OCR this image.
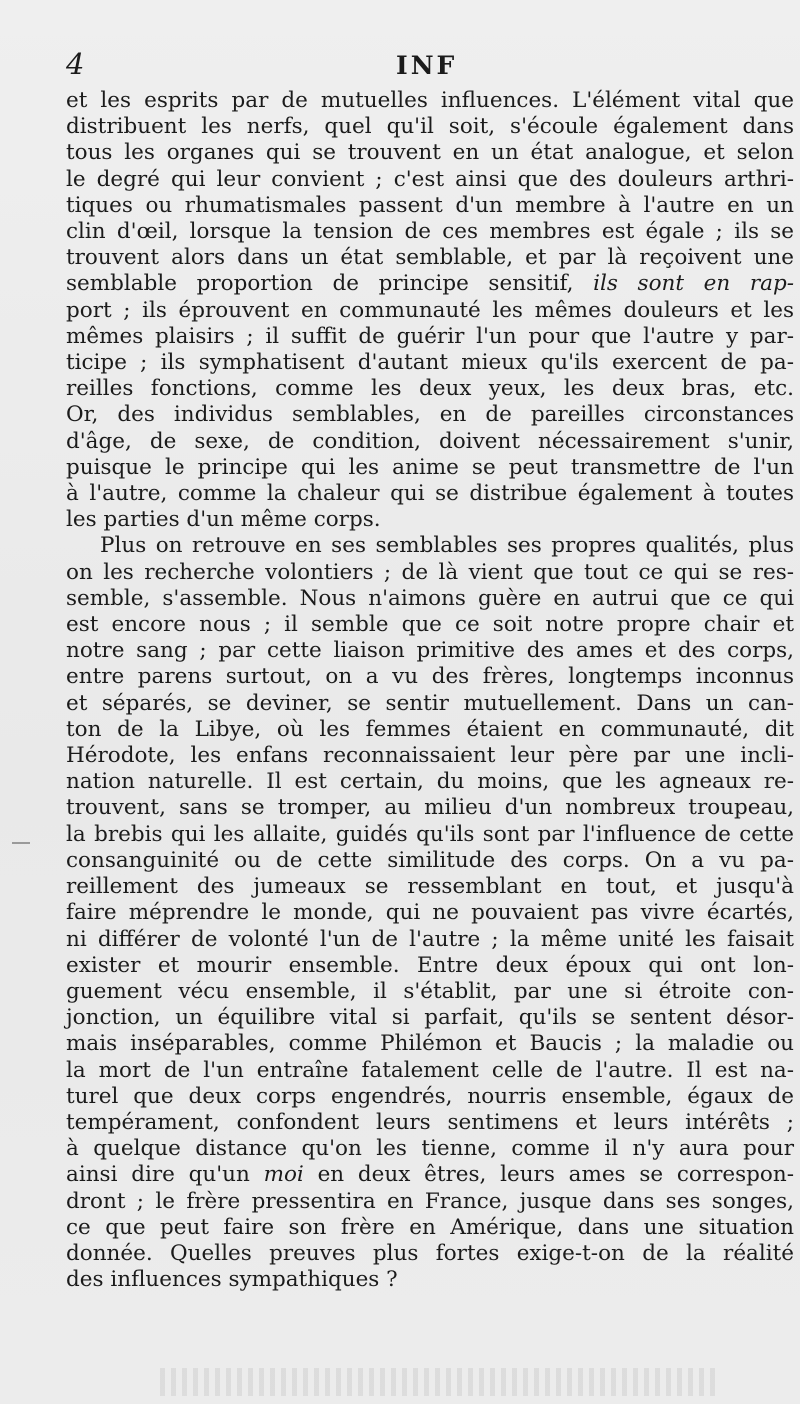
4	INF
et les esprits par de mutuelles influences. L'élément vital que
distribuent les nerfs, quel qu'il soit, s'écoule également dans
tous les organes qui se trouvent en un état analogue, et selon
le degré qui leur convient ; c'est ainsi que des douleurs arthri-
tiques ou rhumatismales passent d'un membre à l'autre en un
clin d'œil, lorsque la tension de ces membres est égale ; ils se
trouvent alors dans un état semblable, et par là reçoivent une
semblable proportion de principe sensitif, ils sont en rap-
port ; ils éprouvent en communauté les mêmes douleurs et les
mêmes plaisirs ; il suffit de guérir l'un pour que l'autre y par-
ticipe ; ils symphatisent d'autant mieux qu'ils exercent de pa-
reilles fonctions, comme les deux yeux, les deux bras, etc.
Or, des individus semblables, en de pareilles circonstances
d'âge, de sexe, de condition, doivent nécessairement s'unir,
puisque le principe qui les anime se peut transmettre de l'un
à l'autre, comme la chaleur qui se distribue également à toutes
les parties d'un même corps.
Plus on retrouve en ses semblables ses propres qualités, plus
on les recherche volontiers ; de là vient que tout ce qui se res-
semble, s'assemble. Nous n'aimons guère en autrui que ce qui
est encore nous ; il semble que ce soit notre propre chair et
notre sang ; par cette liaison primitive des ames et des corps,
entre parens surtout, on a vu des frères, longtemps inconnus
et séparés, se deviner, se sentir mutuellement. Dans un can-
ton de la Libye, où les femmes étaient en communauté, dit
Hérodote, les enfans reconnaissaient leur père par une incli-
nation naturelle. Il est certain, du moins, que les agneaux re-
trouvent, sans se tromper, au milieu d'un nombreux troupeau,
la brebis qui les allaite, guidés qu'ils sont par l'influence de cette
consanguinité ou de cette similitude des corps. On a vu pa-
reillement des jumeaux se ressemblant en tout, et jusqu'à
faire méprendre le monde, qui ne pouvaient pas vivre écartés,
ni différer de volonté l'un de l'autre ; la même unité les faisait
exister et mourir ensemble. Entre deux époux qui ont lon-
guement vécu ensemble, il s'établit, par une si étroite con-
jonction, un équilibre vital si parfait, qu'ils se sentent désor-
mais inséparables, comme Philémon et Baucis ; la maladie ou
la mort de l'un entraîne fatalement celle de l'autre. Il est na-
turel que deux corps engendrés, nourris ensemble, égaux de
tempérament, confondent leurs sentimens et leurs intérêts ;
à quelque distance qu'on les tienne, comme il n'y aura pour
ainsi dire qu'un moi en deux êtres, leurs ames se correspon-
dront ; le frère pressentira en France, jusque dans ses songes,
ce que peut faire son frère en Amérique, dans une situation
donnée. Quelles preuves plus fortes exige-t-on de la réalité
des influences sympathiques ?
